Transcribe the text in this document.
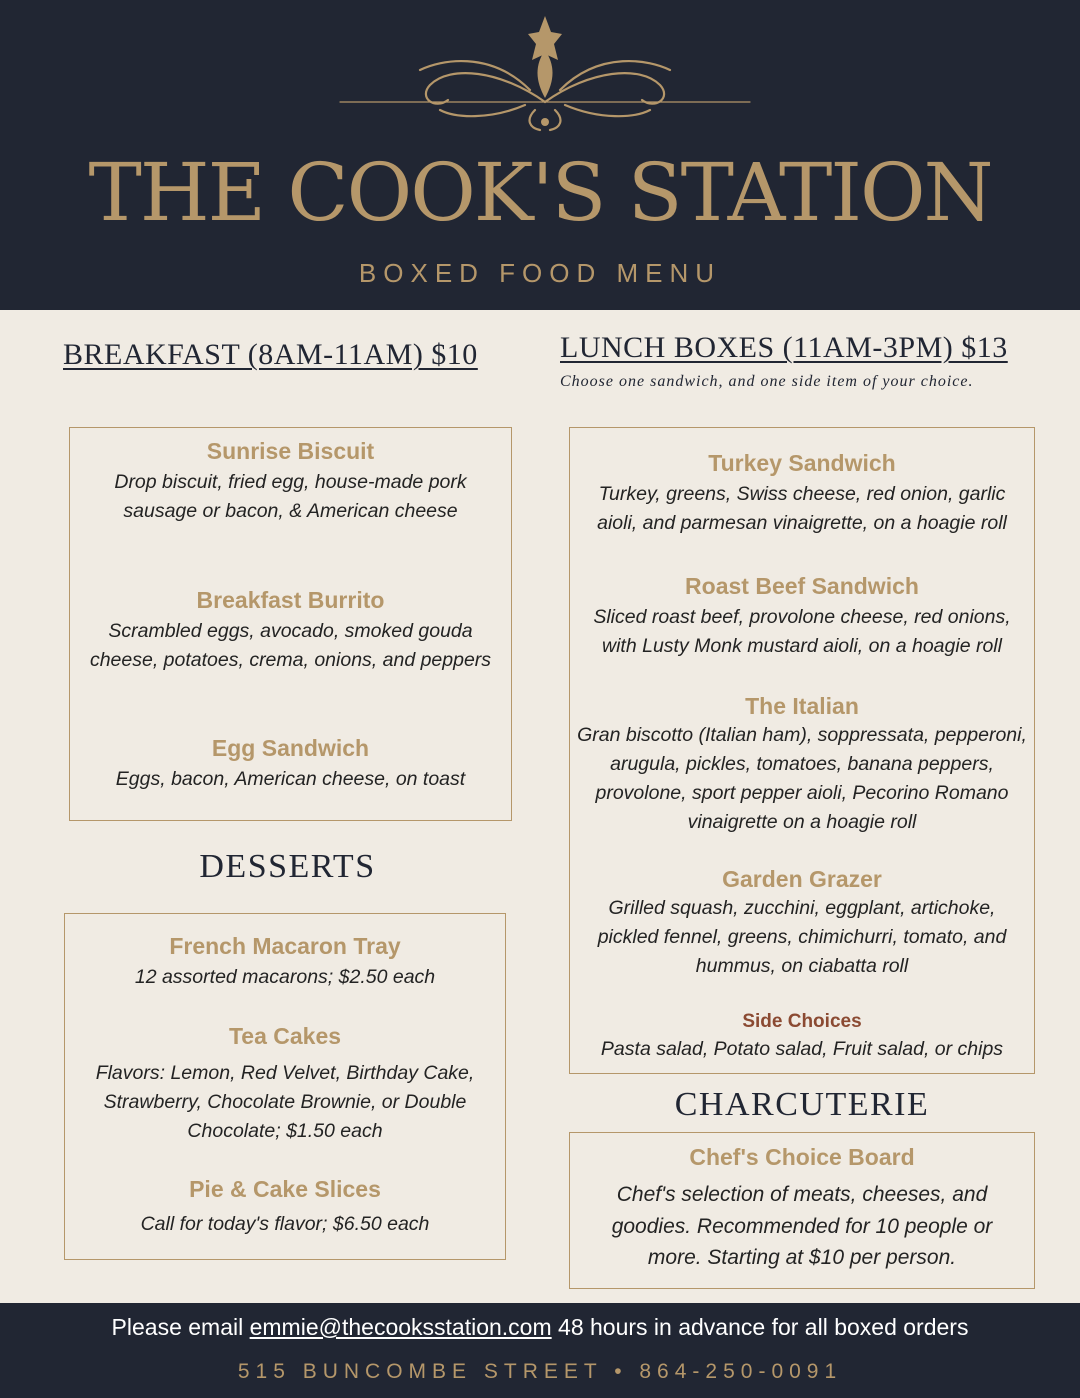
THE COOK'S STATION
BOXED FOOD MENU
BREAKFAST (8AM-11AM) $10
Sunrise Biscuit
Drop biscuit, fried egg, house-made pork sausage or bacon, & American cheese
Breakfast Burrito
Scrambled eggs, avocado, smoked gouda cheese, potatoes, crema, onions, and peppers
Egg Sandwich
Eggs, bacon, American cheese, on toast
DESSERTS
French Macaron Tray
12 assorted macarons; $2.50 each
Tea Cakes
Flavors: Lemon, Red Velvet, Birthday Cake, Strawberry, Chocolate Brownie, or Double Chocolate; $1.50 each
Pie & Cake Slices
Call for today's flavor; $6.50 each
LUNCH BOXES (11AM-3PM) $13
Choose one sandwich, and one side item of your choice.
Turkey Sandwich
Turkey, greens, Swiss cheese, red onion, garlic aioli, and parmesan vinaigrette, on a hoagie roll
Roast Beef Sandwich
Sliced roast beef, provolone cheese, red onions, with Lusty Monk mustard aioli, on a hoagie roll
The Italian
Gran biscotto (Italian ham), soppressata, pepperoni, arugula, pickles, tomatoes, banana peppers, provolone, sport pepper aioli, Pecorino Romano vinaigrette on a hoagie roll
Garden Grazer
Grilled squash, zucchini, eggplant, artichoke, pickled fennel, greens, chimichurri, tomato, and hummus, on ciabatta roll
Side Choices
Pasta salad, Potato salad, Fruit salad, or chips
CHARCUTERIE
Chef's Choice Board
Chef's selection of meats, cheeses, and goodies. Recommended for 10 people or more. Starting at $10 per person.
Please email emmie@thecooksstation.com 48 hours in advance for all boxed orders
515 BUNCOMBE STREET • 864-250-0091
